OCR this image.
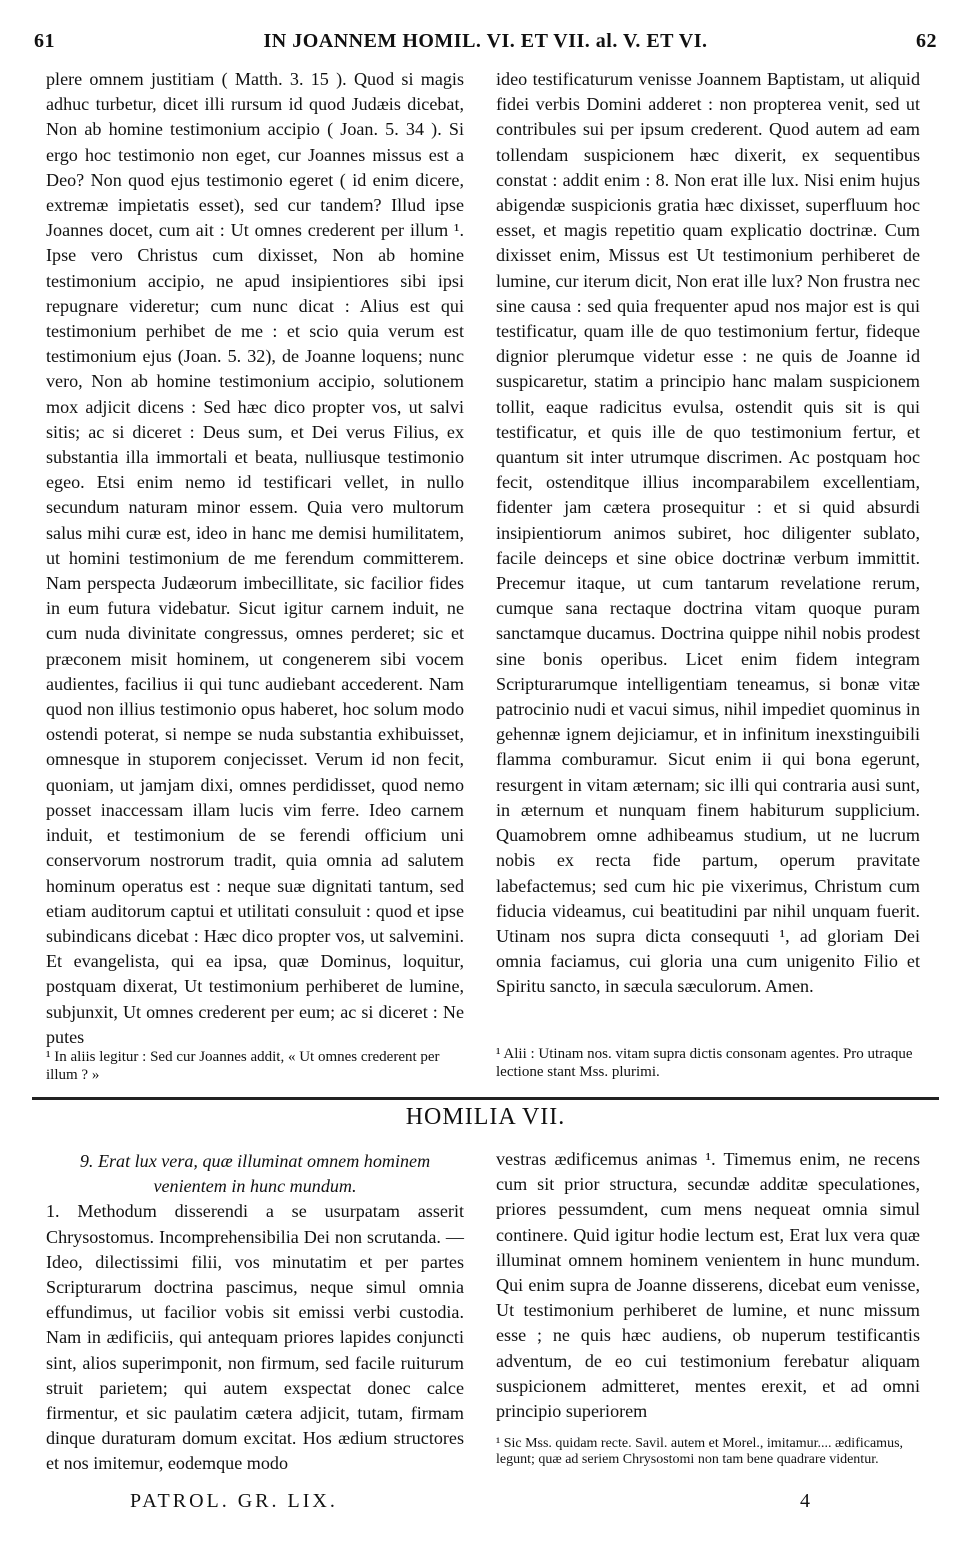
61	IN JOANNEM HOMIL. VI. ET VII. al. V. ET VI.	62

plere omnem justitiam ( Matth. 3. 15 ). Quod si magis adhuc turbetur, dicet illi rursum id quod Judæis dicebat, Non ab homine testimonium accipio ( Joan. 5. 34 ). Si ergo hoc testimonio non eget, cur Joannes missus est a Deo? Non quod ejus testimonio egeret ( id enim dicere, extremæ impietatis esset), sed cur tandem? Illud ipse Joannes docet, cum ait : Ut omnes crederent per illum ¹. Ipse vero Christus cum dixisset, Non ab homine testimonium accipio, ne apud insipientiores sibi ipsi repugnare videretur; cum nunc dicat : Alius est qui testimonium perhibet de me : et scio quia verum est testimonium ejus (Joan. 5. 32), de Joanne loquens; nunc vero, Non ab homine testimonium accipio, solutionem mox adjicit dicens : Sed hæc dico propter vos, ut salvi sitis; ac si diceret : Deus sum, et Dei verus Filius, ex substantia illa immortali et beata, nulliusque testimonio egeo. Etsi enim nemo id testificari vellet, in nullo secundum naturam minor essem. Quia vero multorum salus mihi curæ est, ideo in hanc me demisi humilitatem, ut homini testimonium de me ferendum committerem. Nam perspecta Judæorum imbecillitate, sic facilior fides in eum futura videbatur. Sicut igitur carnem induit, ne cum nuda divinitate congressus, omnes perderet; sic et præconem misit hominem, ut congenerem sibi vocem audientes, facilius ii qui tunc audiebant accederent. Nam quod non illius testimonio opus haberet, hoc solum modo ostendi poterat, si nempe se nuda substantia exhibuisset, omnesque in stuporem conjecisset. Verum id non fecit, quoniam, ut jamjam dixi, omnes perdidisset, quod nemo posset inaccessam illam lucis vim ferre. Ideo carnem induit, et testimonium de se ferendi officium uni conservorum nostrorum tradit, quia omnia ad salutem hominum operatus est : neque suæ dignitati tantum, sed etiam auditorum captui et utilitati consuluit : quod et ipse subindicans dicebat : Hæc dico propter vos, ut salvemini. Et evangelista, qui ea ipsa, quæ Dominus, loquitur, postquam dixerat, Ut testimonium perhiberet de lumine, subjunxit, Ut omnes crederent per eum; ac si diceret : Ne putes

¹ In aliis legitur : Sed cur Joannes addit, « Ut omnes crederent per illum ? »

ideo testificaturum venisse Joannem Baptistam, ut aliquid fidei verbis Domini adderet : non propterea venit, sed ut contribules sui per ipsum crederent. Quod autem ad eam tollendam suspicionem hæc dixerit, ex sequentibus constat : addit enim : 8. Non erat ille lux. Nisi enim hujus abigendæ suspicionis gratia hæc dixisset, superfluum hoc esset, et magis repetitio quam explicatio doctrinæ. Cum dixisset enim, Missus est Ut testimonium perhiberet de lumine, cur iterum dicit, Non erat ille lux? Non frustra nec sine causa : sed quia frequenter apud nos major est is qui testificatur, quam ille de quo testimonium fertur, fideque dignior plerumque videtur esse : ne quis de Joanne id suspicaretur, statim a principio hanc malam suspicionem tollit, eaque radicitus evulsa, ostendit quis sit is qui testificatur, et quis ille de quo testimonium fertur, et quantum sit inter utrumque discrimen. Ac postquam hoc fecit, ostenditque illius incomparabilem excellentiam, fidenter jam cætera prosequitur : et si quid absurdi insipientiorum animos subiret, hoc diligenter sublato, facile deinceps et sine obice doctrinæ verbum immittit. Precemur itaque, ut cum tantarum revelatione rerum, cumque sana rectaque doctrina vitam quoque puram sanctamque ducamus. Doctrina quippe nihil nobis prodest sine bonis operibus. Licet enim fidem integram Scripturarumque intelligentiam teneamus, si bonæ vitæ patrocinio nudi et vacui simus, nihil impediet quominus in gehennæ ignem dejiciamur, et in infinitum inexstinguibili flamma comburamur. Sicut enim ii qui bona egerunt, resurgent in vitam æternam; sic illi qui contraria ausi sunt, in æternum et nunquam finem habiturum supplicium. Quamobrem omne adhibeamus studium, ut ne lucrum nobis ex recta fide partum, operum pravitate labefactemus; sed cum hic pie vixerimus, Christum cum fiducia videamus, cui beatitudini par nihil unquam fuerit. Utinam nos supra dicta consequuti ¹, ad gloriam Dei omnia faciamus, cui gloria una cum unigenito Filio et Spiritu sancto, in sæcula sæculorum. Amen.

¹ Alii : Utinam nos. vitam supra dictis consonam agentes. Pro utraque lectione stant Mss. plurimi.
HOMILIA VII.

9. Erat lux vera, quæ illuminat omnem hominem venientem in hunc mundum.

1. Methodum disserendi a se usurpatam asserit Chrysostomus. Incomprehensibilia Dei non scrutanda. — Ideo, dilectissimi filii, vos minutatim et per partes Scripturarum doctrina pascimus, neque simul omnia effundimus, ut facilior vobis sit emissi verbi custodia. Nam in ædificiis, qui antequam priores lapides conjuncti sint, alios superimponit, non firmum, sed facile ruiturum struit parietem; qui autem exspectat donec calce firmentur, et sic paulatim cætera adjicit, tutam, firmam dinque duraturam domum excitat. Hos ædium structores et nos imitemur, eodemque modo

vestras ædificemus animas ¹. Timemus enim, ne recens cum sit prior structura, secundæ additæ speculationes, priores pessumdent, cum mens nequeat omnia simul continere. Quid igitur hodie lectum est, Erat lux vera quæ illuminat omnem hominem venientem in hunc mundum. Qui enim supra de Joanne disserens, dicebat eum venisse, Ut testimonium perhiberet de lumine, et nunc missum esse ; ne quis hæc audiens, ob nuperum testificantis adventum, de eo cui testimonium ferebatur aliquam suspicionem admitteret, mentes erexit, et ad omni principio superiorem

¹ Sic Mss. quidam recte. Savil. autem et Morel., imitamur.... ædificamus, legunt; quæ ad seriem Chrysostomi non tam bene quadrare videntur.
PATROL. GR. LIX.	4
